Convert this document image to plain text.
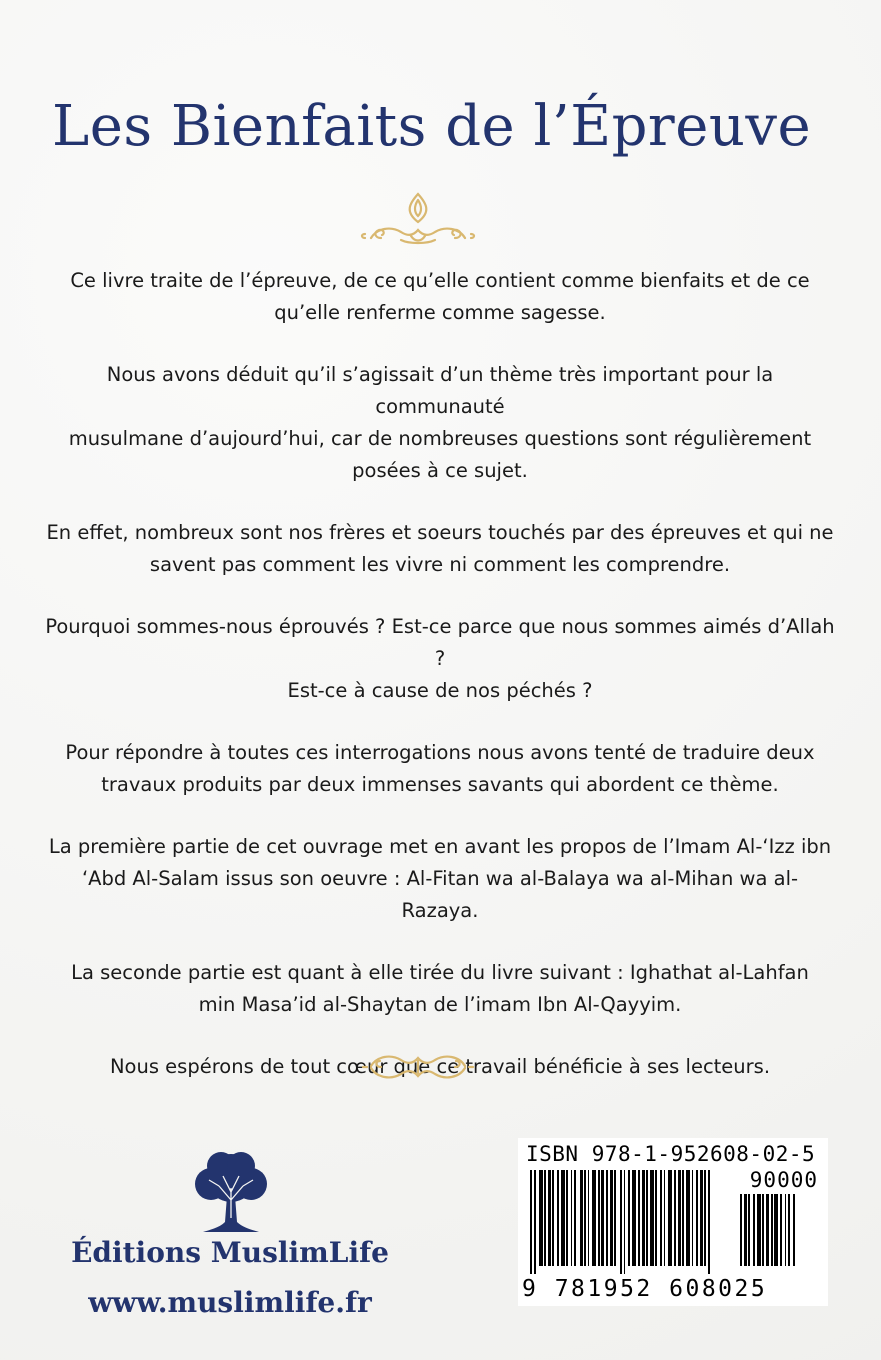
Les Bienfaits de l’Épreuve

Ce livre traite de l’épreuve, de ce qu’elle contient comme bienfaits et de ce
qu’elle renferme comme sagesse.

Nous avons déduit qu’il s’agissait d’un thème très important pour la communauté
musulmane d’aujourd’hui, car de nombreuses questions sont régulièrement
posées à ce sujet.

En effet, nombreux sont nos frères et soeurs touchés par des épreuves et qui ne
savent pas comment les vivre ni comment les comprendre.

Pourquoi sommes-nous éprouvés ? Est-ce parce que nous sommes aimés d’Allah ?
Est-ce à cause de nos péchés ?

Pour répondre à toutes ces interrogations nous avons tenté de traduire deux
travaux produits par deux immenses savants qui abordent ce thème.

La première partie de cet ouvrage met en avant les propos de l’Imam Al-‘Izz ibn
‘Abd Al-Salam issus son oeuvre : Al-Fitan wa al-Balaya wa al-Mihan wa al-
Razaya.

La seconde partie est quant à elle tirée du livre suivant : Ighathat al-Lahfan
min Masa’id al-Shaytan de l’imam Ibn Al-Qayyim.

Nous espérons de tout cœur que ce travail bénéficie à ses lecteurs.

Éditions MuslimLife
www.muslimlife.fr
ISBN 978-1-952608-02-5
90000
9 781952 608025
